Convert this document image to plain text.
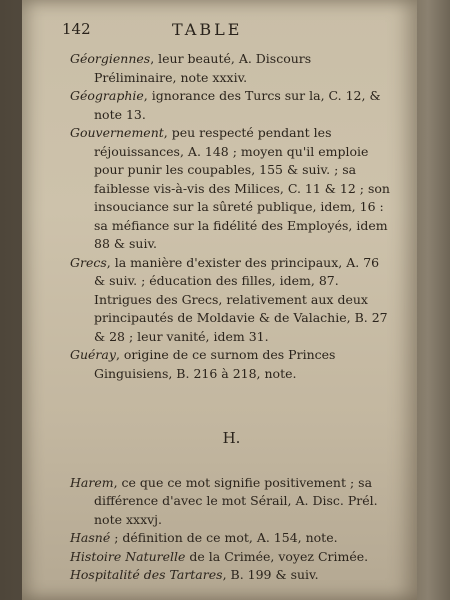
142	TABLE

Géorgiennes, leur beauté, A. Discours Préliminaire, note xxxiv.

Géographie, ignorance des Turcs sur la, C. 12, & note 13.

Gouvernement, peu respecté pendant les réjouissances, A. 148 ; moyen qu'il emploie pour punir les coupables, 155 & suiv. ; sa faiblesse vis-à-vis des Milices, C. 11 & 12 ; son insouciance sur la sûreté publique, idem, 16 : sa méfiance sur la fidélité des Employés, idem 88 & suiv.

Grecs, la manière d'exister des principaux, A. 76 & suiv. ; éducation des filles, idem, 87. Intrigues des Grecs, relativement aux deux principautés de Moldavie & de Valachie, B. 27 & 28 ; leur vanité, idem 31.

Guéray, origine de ce surnom des Princes Ginguisiens, B. 216 à 218, note.

H.

Harem, ce que ce mot signifie positivement ; sa différence d'avec le mot Sérail, A. Disc. Prél. note xxxvj.

Hasné ; définition de ce mot, A. 154, note.

Histoire Naturelle de la Crimée, voyez Crimée.

Hospitalité des Tartares, B. 199 & suiv.
